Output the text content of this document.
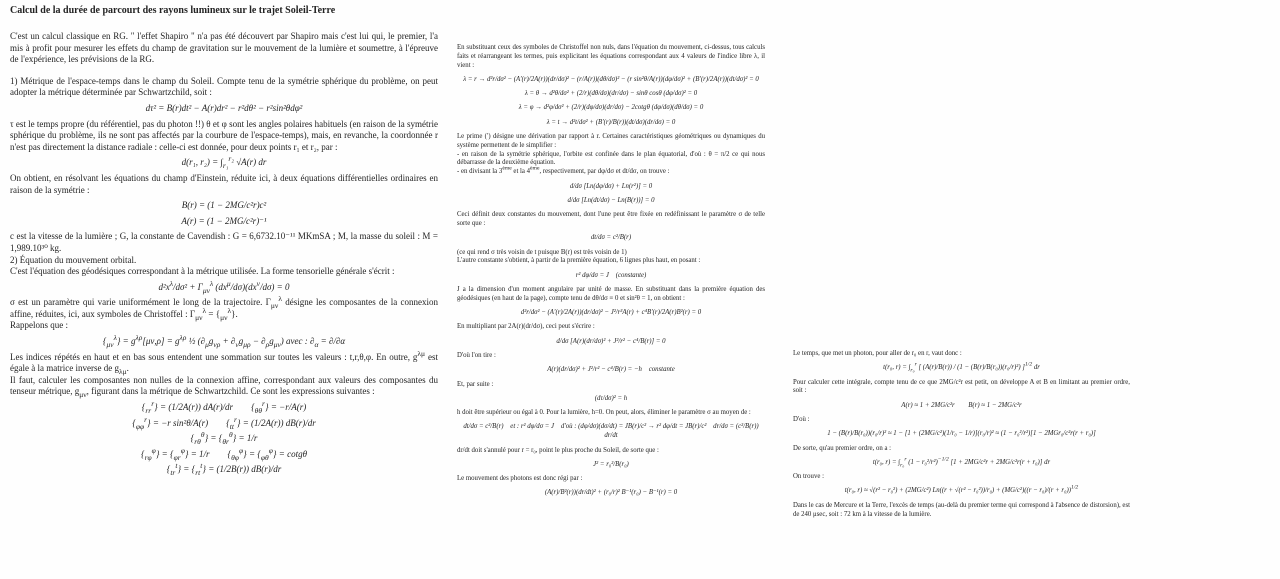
Calcul de la durée de parcourt des rayons lumineux sur le trajet Soleil-Terre
C'est un calcul classique en RG. " l'effet Shapiro " n'a pas été découvert par Shapiro mais c'est lui qui, le premier, l'a mis à profit pour mesurer les effets du champ de gravitation sur le mouvement de la lumière et soumettre, à l'épreuve de l'expérience, les prévisions de la RG.
1) Métrique de l'espace-temps dans le champ du Soleil. Compte tenu de la symétrie sphérique du problème, on peut adopter la métrique déterminée par Schwartzchild, soit :
dτ² = B(r)dt² − A(r)dr² − r²dθ² − r²sin²θdφ²
τ est le temps propre (du référentiel, pas du photon !!) θ et φ sont les angles polaires habituels (en raison de la symétrie sphérique du problème, ils ne sont pas affectés par la courbure de l'espace-temps), mais, en revanche, la coordonnée r n'est pas directement la distance radiale : celle-ci est donnée, pour deux points r₁ et r₂, par :
d(r₁, $r_2) = \int_{r_1}^{r_2}$ √A(r) dr
On obtient, en résolvant les équations du champ d'Einstein, réduite ici, à deux équations différentielles ordinaires en raison de la symétrie :
B(r) = (1 − 2MG/c²r)c²
A(r) = (1 − 2MG/c²r)⁻¹
c est la vitesse de la lumière ; G, la constante de Cavendish : G = 6,6732.10⁻¹¹ MKmSA ; M, la masse du soleil : M = 1,989.10³⁰ kg.
2) Équation du mouvement orbital.
C'est l'équation des géodésiques correspondant à la métrique utilisée. La forme tensorielle générale s'écrit :
$d^2x^\lambda$/dσ² + $\Gamma_{\mu\nu}^\lambda$ $(dx^\mu/d\sigma)(dx^\nu/d\sigma) = 0$
σ est un paramètre qui varie uniformément le long de la trajectoire. $\Gamma_{\mu\nu}^\lambda$ désigne les composantes de la connexion affine, réduites, ici, aux symboles de Christoffel : $\Gamma_{\mu\nu}^\lambda = \{_{\mu\nu}^\lambda\}$.
Rappelons que :
$\{_{\mu\nu}^\lambda\} = g^{\lambda\rho}[\mu\nu,\rho] = g^{\lambda\rho}$ ½ $(\partial_\mu g_{\nu\rho} + \partial_\nu g_{\mu\rho} - \partial_\rho g_{\mu\nu})$ avec : $\partial_\alpha = \partial/\partial\alpha$
Les indices répétés en haut et en bas sous entendent une sommation sur toutes les valeurs : t,r,θ,φ. En outre, $g^{\lambda\mu}$ est égale à la matrice inverse de $g_{\lambda\mu}$.
Il faut, calculer les composantes non nulles de la connexion affine, correspondant aux valeurs des composantes du tenseur métrique, $g_{\mu\nu}$, figurant dans la métrique de Schwartzchild. Ce sont les expressions suivantes :
$\{_{rr}^r\} = (1/2A(r))$ dA(r)/dr  $\{_{\theta\theta}^r\} = -r/A(r)$
$\{_{\varphi\varphi}^r\} = -r$ sin²θ/A(r)  $\{_{tt}^r\} = (1/2A(r))$ dB(r)/dr
$\{_{r\theta}^\theta\} = \{_{\theta r}^\theta\} = 1/r$
$\{_{r\varphi}^\varphi\} = \{_{\varphi r}^\varphi\} = 1/r$  $\{_{\theta\varphi}^\varphi\} = \{_{\varphi\theta}^\varphi\} = \cot g\theta$
$\{_{tr}^t\} = \{_{rt}^t\} = (1/2B(r))$ dB(r)/dr
En substituant ceux des symboles de Christoffel non nuls, dans l'équation du mouvement, ci-dessus, tous calculs faits et réarrangeant les termes, puis explicitant les équations correspondant aux 4 valeurs de l'indice libre λ, il vient :
λ = r → d²r/dσ² − (A′(r)/2A(r))(dr/dσ)² − (r/A(r))(dθ/dσ)² − (r sin²θ/A(r))(dφ/dσ)² + (B′(r)/2A(r))(dt/dσ)² = 0
λ = θ → d²θ/dσ² + (2/r)(dθ/dσ)(dr/dσ) − sinθ cosθ (dφ/dσ)² = 0
λ = φ → d²φ/dσ² + (2/r)(dφ/dσ)(dr/dσ) − 2cotgθ (dφ/dσ)(dθ/dσ) = 0
λ = t → d²t/dσ² + (B′(r)/B(r))(dt/dσ)(dr/dσ) = 0
Le prime (′) désigne une dérivation par rapport à r. Certaines caractéristiques géométriques ou dynamiques du système permettent de le simplifier :
- en raison de la symétrie sphérique, l'orbite est confinée dans le plan équatorial, d'où : θ = π/2 ce qui nous débarrasse de la deuxième équation.
- en divisant la 3ème et la 4ème, respectivement, par dφ/dσ et dt/dσ, on trouve :
d/dσ [Ln(dφ/dσ) + Ln(r²)] = 0
d/dσ [Ln(dt/dσ) − Ln(B(r))] = 0
Ceci définit deux constantes du mouvement, dont l'une peut être fixée en redéfinissant le paramètre σ de telle sorte que :
dt/dσ = c²/B(r)
(ce qui rend σ très voisin de t puisque B(r) est très voisin de 1)
L'autre constante s'obtient, à partir de la première équation, 6 lignes plus haut, en posant :
r² dφ/dσ = J (constante)
J a la dimension d'un moment angulaire par unité de masse. En substituant dans la première équation des géodésiques (en haut de la page), compte tenu de dθ/dσ ≡ 0 et sin²θ = 1, on obtient :
d²r/dσ² − (A′(r)/2A(r))(dr/dσ)² − J²/r³A(r) + c⁴B′(r)/2A(r)B²(r) = 0
En multipliant par 2A(r)(dr/dσ), ceci peut s'écrire :
d/dσ [A(r)(dr/dσ)² + J²/r² − c⁴/B(r)] = 0
D'où l'on tire :
A(r)(dr/dσ)² + J²/r² − c⁴/B(r) = −h constante
Et, par suite :
(dτ/dσ)² = h
h doit être supérieur ou égal à 0. Pour la lumière, h=0. On peut, alors, éliminer le paramètre σ au moyen de :
dt/dσ = c²/B(r) et : r² dφ/dσ = J d'où : (dφ/dσ)(dσ/dt) = JB(r)/c² → r² dφ/dt = JB(r)/c² dr/dσ = (c²/B(r)) dr/dt
dr/dt doit s'annulé pour r = r₀, point le plus proche du Soleil, de sorte que :
J² = r₀²/B(r₀)
Le mouvement des photons est donc régi par :
(A(r)/B²(r))(dr/dt)² + (r₀/r)² B⁻¹(r₀) − B⁻¹(r) = 0
Le temps, que met un photon, pour aller de r₀ en r, vaut donc :
t(r₀, $r) = \int_{r_0}^r$ [ (A(r)/B(r)) / (1 − (B(r)/B(r₀))(r₀/r)²) ]$^{1/2}$ dr
Pour calculer cette intégrale, compte tenu de ce que 2MG/c²r est petit, on développe A et B en limitant au premier ordre, soit :
A(r) ≈ 1 + 2MG/c²r  B(r) ≈ 1 − 2MG/c²r
D'où :
1 − (B(r)/B(r₀))(r₀/r)² ≈ 1 − [1 + (2MG/c²)(1/r₀ − 1/r)](r₀/r)² ≈ (1 − r₀²/r²)[1 − 2MGr₀/c²r(r + r₀)]
De sorte, qu'au premier ordre, on a :
t(r₀, $r) = \int_{r_0}^r$ (1 − r₀²/$r^2)^{-1/2}$ [1 + 2MG/c²r + 2MG/c²r(r + r₀)] dr
On trouve :
t(r₀, r) ≈ √(r² − r₀²) + (2MG/c²) $Ln((r + √(r^2 - r_0^2))/r_0) + (MG/c^2)((r - r_0)/(r + r_0))^{1/2}$
Dans le cas de Mercure et la Terre, l'excès de temps (au-delà du premier terme qui correspond à l'absence de distorsion), est de 240 μsec, soit : 72 km à la vitesse de la lumière.
